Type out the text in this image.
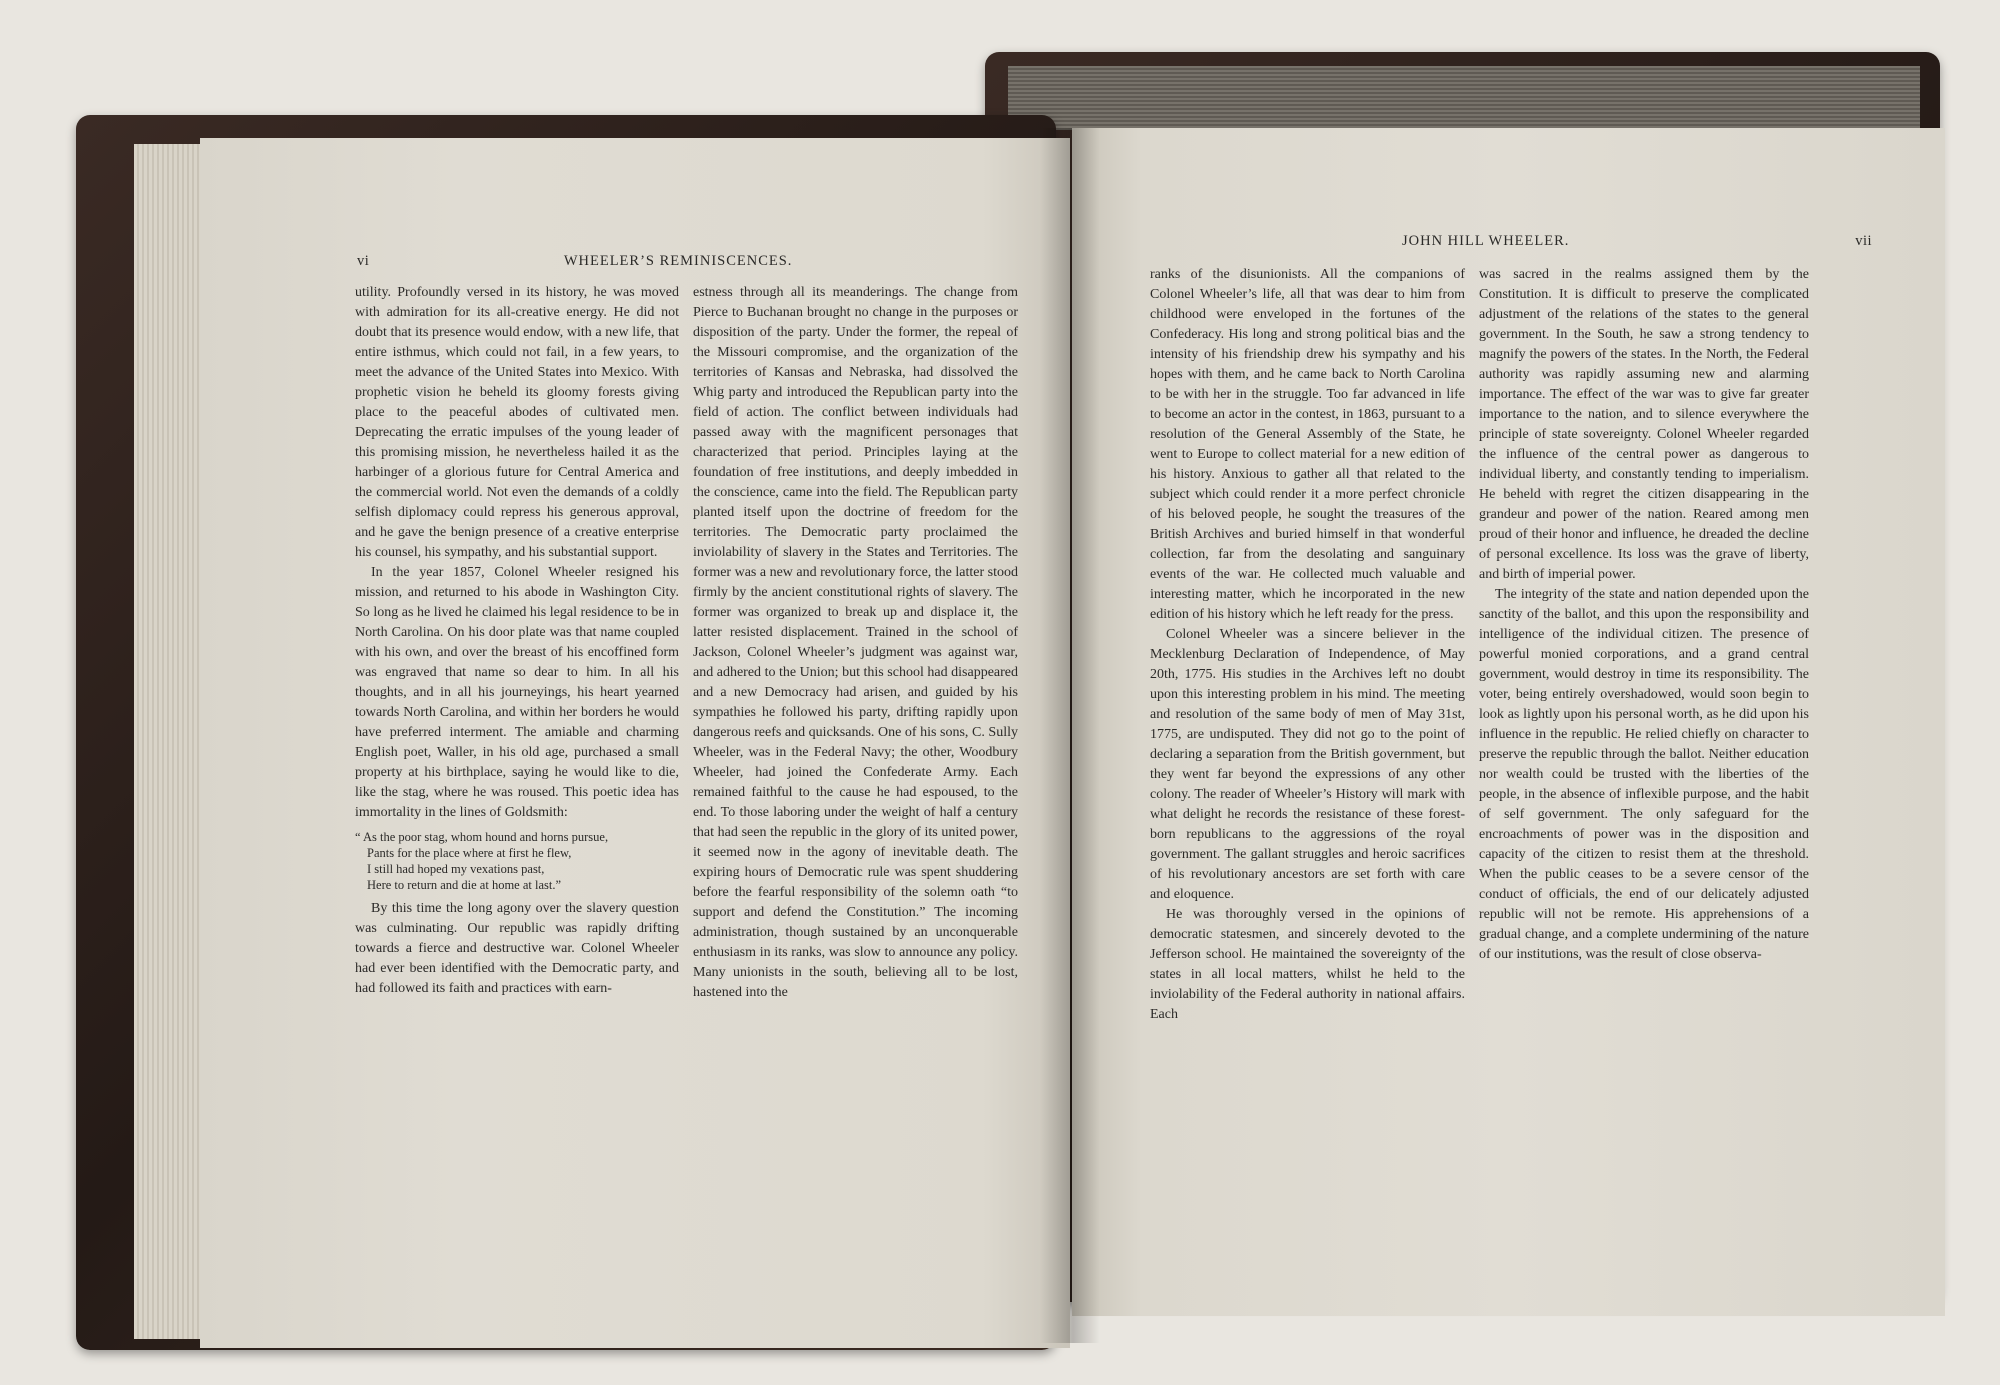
JOHN HILL WHEELER.	vii

ranks of the disunionists. All the companions of Colonel Wheeler’s life, all that was dear to him from childhood were enveloped in the fortunes of the Confederacy. His long and strong political bias and the intensity of his friendship drew his sympathy and his hopes with them, and he came back to North Carolina to be with her in the struggle. Too far advanced in life to become an actor in the contest, in 1863, pursuant to a resolution of the General Assembly of the State, he went to Europe to collect material for a new edition of his history. Anxious to gather all that related to the subject which could render it a more perfect chronicle of his beloved people, he sought the treasures of the British Archives and buried himself in that wonderful collection, far from the desolating and sanguinary events of the war. He collected much valuable and interesting matter, which he incorporated in the new edition of his history which he left ready for the press.

Colonel Wheeler was a sincere believer in the Mecklenburg Declaration of Independence, of May 20th, 1775. His studies in the Archives left no doubt upon this interesting problem in his mind. The meeting and resolution of the same body of men of May 31st, 1775, are undisputed. They did not go to the point of declaring a separation from the British government, but they went far beyond the expressions of any other colony. The reader of Wheeler’s History will mark with what delight he records the resistance of these forest-born republicans to the aggressions of the royal government. The gallant struggles and heroic sacrifices of his revolutionary ancestors are set forth with care and eloquence.

He was thoroughly versed in the opinions of democratic statesmen, and sincerely devoted to the Jefferson school. He maintained the sovereignty of the states in all local matters, whilst he held to the inviolability of the Federal authority in national affairs. Each

was sacred in the realms assigned them by the Constitution. It is difficult to preserve the complicated adjustment of the relations of the states to the general government. In the South, he saw a strong tendency to magnify the powers of the states. In the North, the Federal authority was rapidly assuming new and alarming importance. The effect of the war was to give far greater importance to the nation, and to silence everywhere the principle of state sovereignty. Colonel Wheeler regarded the influence of the central power as dangerous to individual liberty, and constantly tending to imperialism. He beheld with regret the citizen disappearing in the grandeur and power of the nation. Reared among men proud of their honor and influence, he dreaded the decline of personal excellence. Its loss was the grave of liberty, and birth of imperial power.

The integrity of the state and nation depended upon the sanctity of the ballot, and this upon the responsibility and intelligence of the individual citizen. The presence of powerful monied corporations, and a grand central government, would destroy in time its responsibility. The voter, being entirely overshadowed, would soon begin to look as lightly upon his personal worth, as he did upon his influence in the republic. He relied chiefly on character to preserve the republic through the ballot. Neither education nor wealth could be trusted with the liberties of the people, in the absence of inflexible purpose, and the habit of self government. The only safeguard for the encroachments of power was in the disposition and capacity of the citizen to resist them at the threshold. When the public ceases to be a severe censor of the conduct of officials, the end of our delicately adjusted republic will not be remote. His apprehensions of a gradual change, and a complete undermining of the nature of our institutions, was the result of close observa-

vi	WHEELER’S REMINISCENCES.

utility. Profoundly versed in its history, he was moved with admiration for its all-creative energy. He did not doubt that its presence would endow, with a new life, that entire isthmus, which could not fail, in a few years, to meet the advance of the United States into Mexico. With prophetic vision he beheld its gloomy forests giving place to the peaceful abodes of cultivated men. Deprecating the erratic impulses of the young leader of this promising mission, he nevertheless hailed it as the harbinger of a glorious future for Central America and the commercial world. Not even the demands of a coldly selfish diplomacy could repress his generous approval, and he gave the benign presence of a creative enterprise his counsel, his sympathy, and his substantial support.

In the year 1857, Colonel Wheeler resigned his mission, and returned to his abode in Washington City. So long as he lived he claimed his legal residence to be in North Carolina. On his door plate was that name coupled with his own, and over the breast of his encoffined form was engraved that name so dear to him. In all his thoughts, and in all his journeyings, his heart yearned towards North Carolina, and within her borders he would have preferred interment. The amiable and charming English poet, Waller, in his old age, purchased a small property at his birthplace, saying he would like to die, like the stag, where he was roused. This poetic idea has immortality in the lines of Goldsmith:

“ As the poor stag, whom hound and horns pursue,
Pants for the place where at first he flew,
I still had hoped my vexations past,
Here to return and die at home at last.”

By this time the long agony over the slavery question was culminating. Our republic was rapidly drifting towards a fierce and destructive war. Colonel Wheeler had ever been identified with the Democratic party, and had followed its faith and practices with earn-

estness through all its meanderings. The change from Pierce to Buchanan brought no change in the purposes or disposition of the party. Under the former, the repeal of the Missouri compromise, and the organization of the territories of Kansas and Nebraska, had dissolved the Whig party and introduced the Republican party into the field of action. The conflict between individuals had passed away with the magnificent personages that characterized that period. Principles laying at the foundation of free institutions, and deeply imbedded in the conscience, came into the field. The Republican party planted itself upon the doctrine of freedom for the territories. The Democratic party proclaimed the inviolability of slavery in the States and Territories. The former was a new and revolutionary force, the latter stood firmly by the ancient constitutional rights of slavery. The former was organized to break up and displace it, the latter resisted displacement. Trained in the school of Jackson, Colonel Wheeler’s judgment was against war, and adhered to the Union; but this school had disappeared and a new Democracy had arisen, and guided by his sympathies he followed his party, drifting rapidly upon dangerous reefs and quicksands. One of his sons, C. Sully Wheeler, was in the Federal Navy; the other, Woodbury Wheeler, had joined the Confederate Army. Each remained faithful to the cause he had espoused, to the end. To those laboring under the weight of half a century that had seen the republic in the glory of its united power, it seemed now in the agony of inevitable death. The expiring hours of Democratic rule was spent shuddering before the fearful responsibility of the solemn oath “to support and defend the Constitution.” The incoming administration, though sustained by an unconquerable enthusiasm in its ranks, was slow to announce any policy. Many unionists in the south, believing all to be lost, hastened into the
